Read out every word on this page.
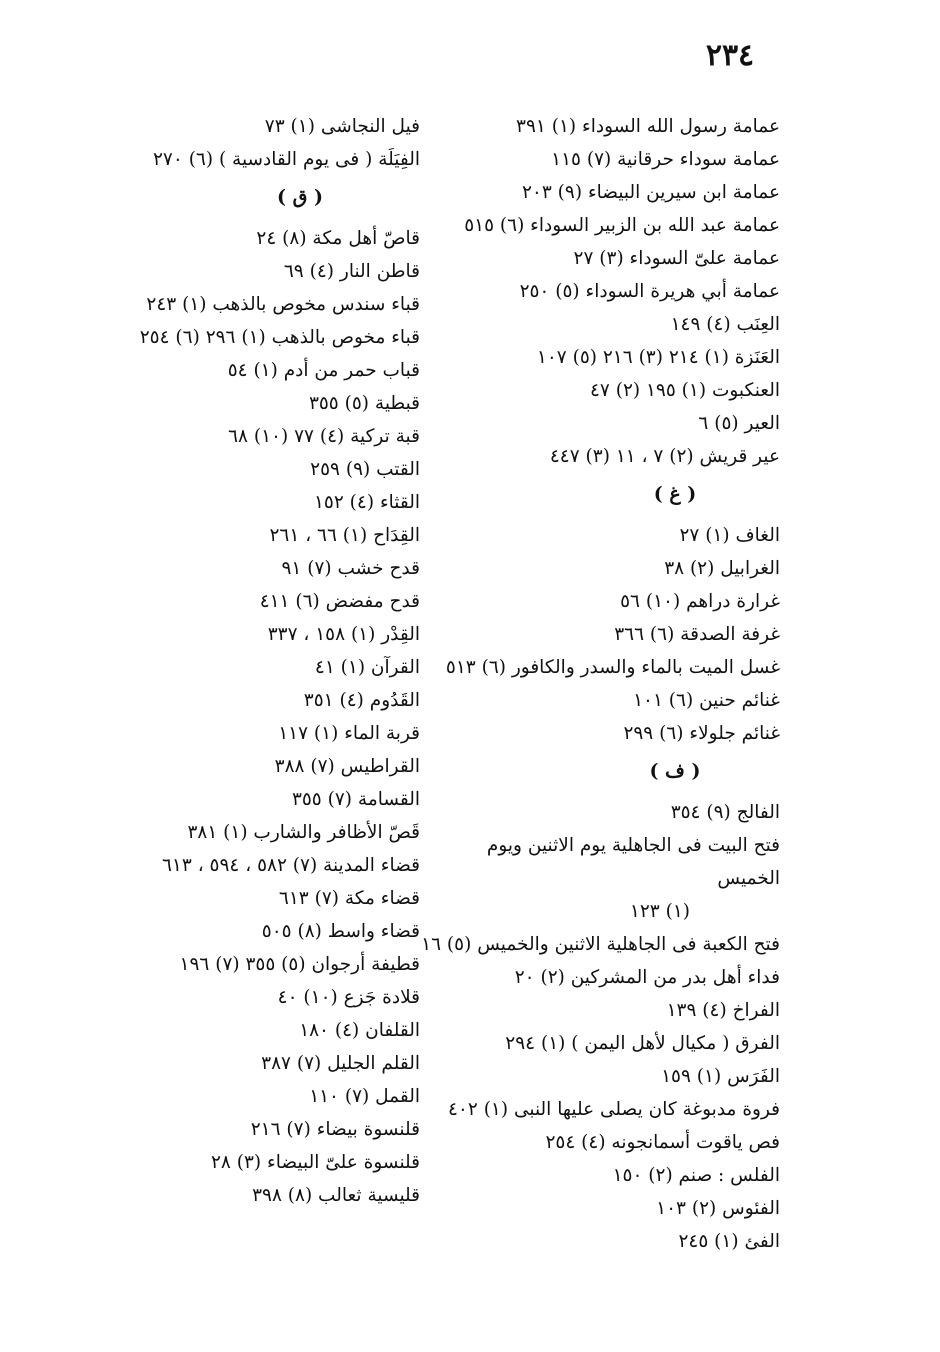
٢٣٤
عمامة رسول الله السوداء (١) ٣٩١
عمامة سوداء حرقانية (٧) ١١٥
عمامة ابن سيرين البيضاء (٩) ٢٠٣
عمامة عبد الله بن الزبير السوداء (٦) ٥١٥
عمامة علىّ السوداء (٣) ٢٧
عمامة أبي هريرة السوداء (٥) ٢٥٠
العِنَب (٤) ١٤٩
العَنَزة (١) ٢١٤ (٣) ٢١٦ (٥) ١٠٧
العنكبوت (١) ١٩٥ (٢) ٤٧
العير (٥) ٦
عير قريش (٢) ٧ ، ١١ (٣) ٤٤٧
( غ )
الغاف (١) ٢٧
الغرابيل (٢) ٣٨
غرارة دراهم (١٠) ٥٦
غرفة الصدقة (٦) ٣٦٦
غسل الميت بالماء والسدر والكافور (٦) ٥١٣
غنائم حنين (٦) ١٠١
غنائم جلولاء (٦) ٢٩٩
( ف )
الفالج (٩) ٣٥٤
فتح البيت فى الجاهلية يوم الاثنين ويوم الخميس
(١) ١٢٣
فتح الكعبة فى الجاهلية الاثنين والخميس (٥) ١٦
فداء أهل بدر من المشركين (٢) ٢٠
الفراخ (٤) ١٣٩
الفرق ( مكيال لأهل اليمن ) (١) ٢٩٤
الفَرَس (١) ١٥٩
فروة مدبوغة كان يصلى عليها النبى (١) ٤٠٢
فص ياقوت أسمانجونه (٤) ٢٥٤
الفلس : صنم (٢) ١٥٠
الفئوس (٢) ١٠٣
الفئ (١) ٢٤٥
فيل النجاشى (١) ٧٣
الفِيَلَة ( فى يوم القادسية ) (٦) ٢٧٠
( ق )
قاصّ أهل مكة (٨) ٢٤
قاطن النار (٤) ٦٩
قباء سندس مخوص بالذهب (١) ٢٤٣
قباء مخوص بالذهب (١) ٢٩٦ (٦) ٢٥٤
قباب حمر من أدم (١) ٥٤
قبطية (٥) ٣٥٥
قبة تركية (٤) ٧٧ (١٠) ٦٨
القتب (٩) ٢٥٩
القثاء (٤) ١٥٢
القِدَاح (١) ٦٦ ، ٢٦١
قدح خشب (٧) ٩١
قدح مفضض (٦) ٤١١
القِدْر (١) ١٥٨ ، ٣٣٧
القرآن (١) ٤١
القَدُوم (٤) ٣٥١
قربة الماء (١) ١١٧
القراطيس (٧) ٣٨٨
القسامة (٧) ٣٥٥
قَصّ الأظافر والشارب (١) ٣٨١
قضاء المدينة (٧) ٥٨٢ ، ٥٩٤ ، ٦١٣
قضاء مكة (٧) ٦١٣
قضاء واسط (٨) ٥٠٥
قطيفة أرجوان (٥) ٣٥٥ (٧) ١٩٦
قلادة جَزع (١٠) ٤٠
القلفان (٤) ١٨٠
القلم الجليل (٧) ٣٨٧
القمل (٧) ١١٠
قلنسوة بيضاء (٧) ٢١٦
قلنسوة علىّ البيضاء (٣) ٢٨
قليسية ثعالب (٨) ٣٩٨
